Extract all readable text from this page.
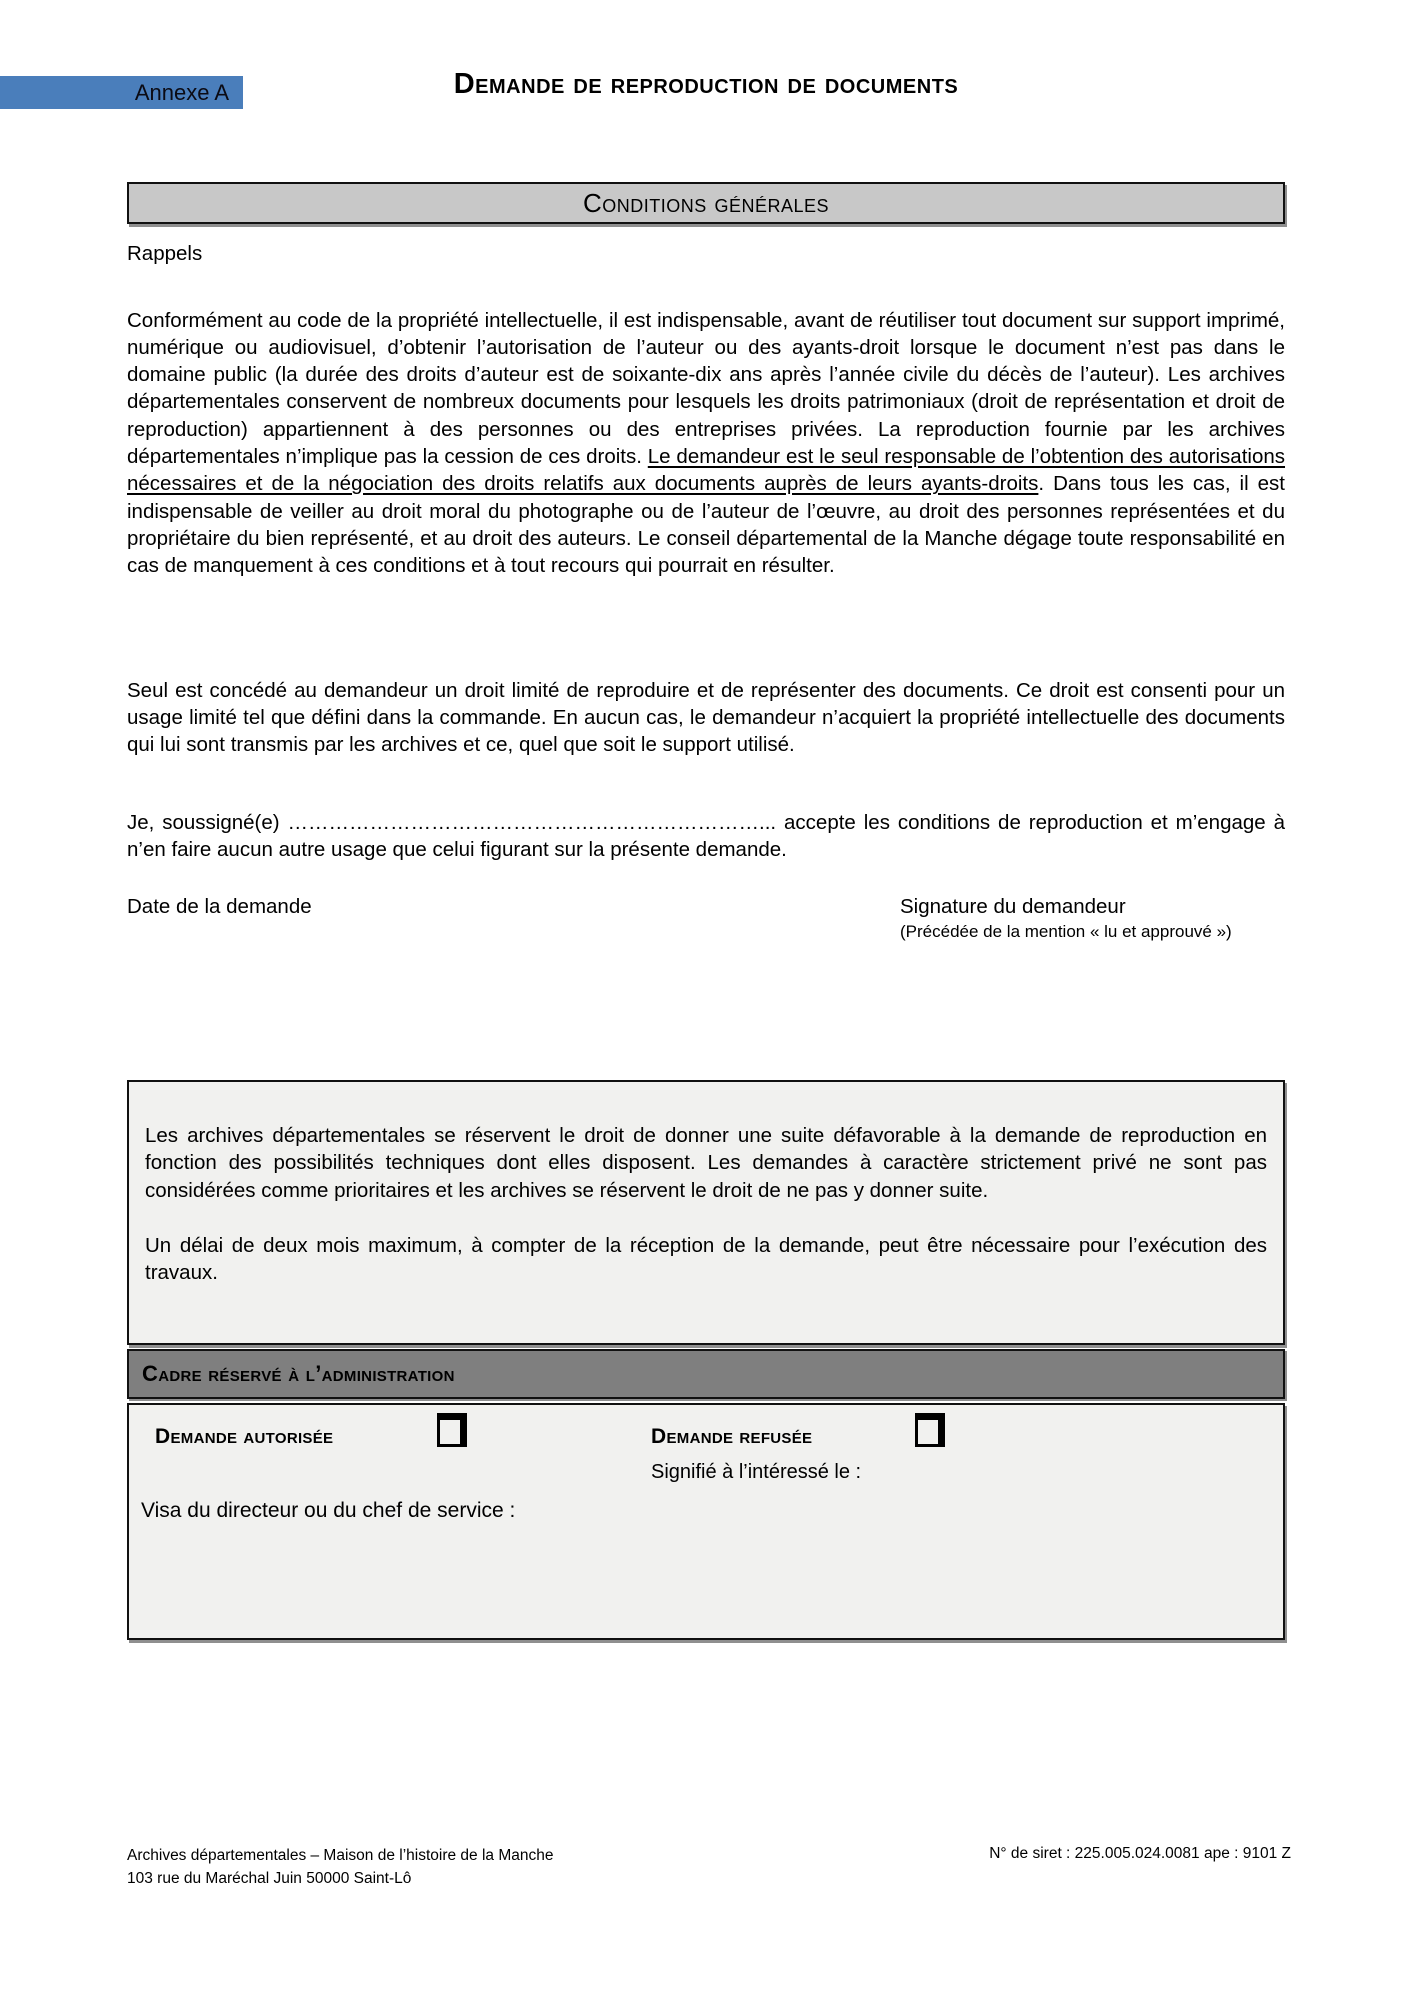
Annexe A	Demande de reproduction de documents
Conditions générales
Rappels

Conformément au code de la propriété intellectuelle, il est indispensable, avant de réutiliser tout document sur support imprimé, numérique ou audiovisuel, d’obtenir l’autorisation de l’auteur ou des ayants-droit lorsque le document n’est pas dans le domaine public (la durée des droits d’auteur est de soixante-dix ans après l’année civile du décès de l’auteur). Les archives départementales conservent de nombreux documents pour lesquels les droits patrimoniaux (droit de représentation et droit de reproduction) appartiennent à des personnes ou des entreprises privées. La reproduction fournie par les archives départementales n’implique pas la cession de ces droits. Le demandeur est le seul responsable de l’obtention des autorisations nécessaires et de la négociation des droits relatifs aux documents auprès de leurs ayants-droits. Dans tous les cas, il est indispensable de veiller au droit moral du photographe ou de l’auteur de l’œuvre, au droit des personnes représentées et du propriétaire du bien représenté, et au droit des auteurs. Le conseil départemental de la Manche dégage toute responsabilité en cas de manquement à ces conditions et à tout recours qui pourrait en résulter.

Seul est concédé au demandeur un droit limité de reproduire et de représenter des documents. Ce droit est consenti pour un usage limité tel que défini dans la commande. En aucun cas, le demandeur n’acquiert la propriété intellectuelle des documents qui lui sont transmis par les archives et ce, quel que soit le support utilisé.

Je, soussigné(e) ……………………………………………………………... accepte les conditions de reproduction et m’engage à n’en faire aucun autre usage que celui figurant sur la présente demande.

Date de la demande	Signature du demandeur
(Précédée de la mention « lu et approuvé »)

Les archives départementales se réservent le droit de donner une suite défavorable à la demande de reproduction en fonction des possibilités techniques dont elles disposent. Les demandes à caractère strictement privé ne sont pas considérées comme prioritaires et les archives se réservent le droit de ne pas y donner suite.

Un délai de deux mois maximum, à compter de la réception de la demande, peut être nécessaire pour l’exécution des travaux.

Cadre réservé à l’administration
Demande autorisée	Demande refusée
Signifié à l’intéressé le :
Visa du directeur ou du chef de service :
Archives départementales – Maison de l’histoire de la Manche
103 rue du Maréchal Juin 50000 Saint-Lô
N° de siret : 225.005.024.0081 ape : 9101 Z
